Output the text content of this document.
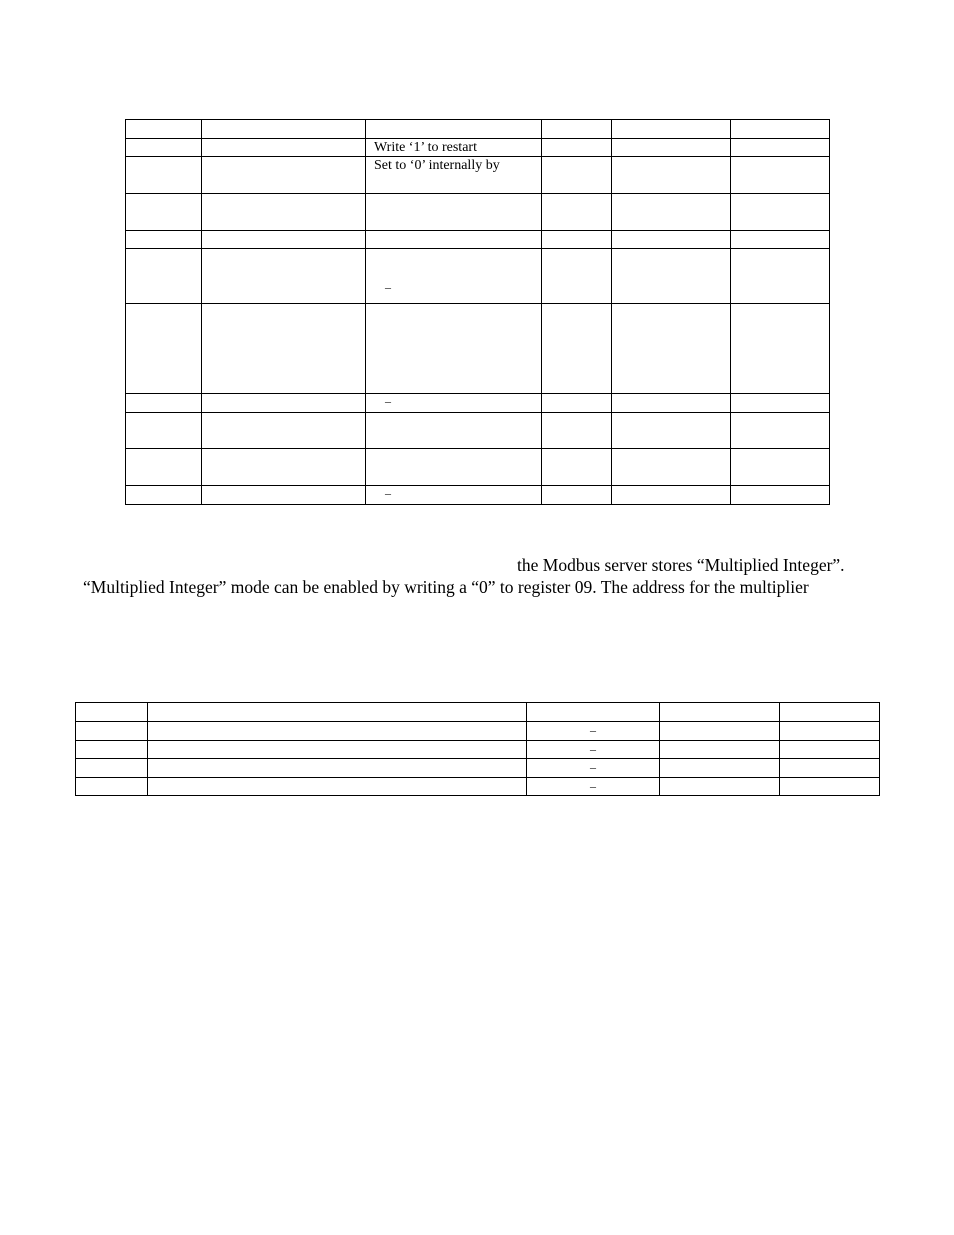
		Write ‘1’ to restart			

		Set to ‘0’ internally by			

		–			

		–			

		–			

the Modbus server stores “Multiplied Integer”.
“Multiplied Integer” mode can be enabled by writing a “0” to register 09. The address for the multiplier

		–		

		–		

		–		

		–		
